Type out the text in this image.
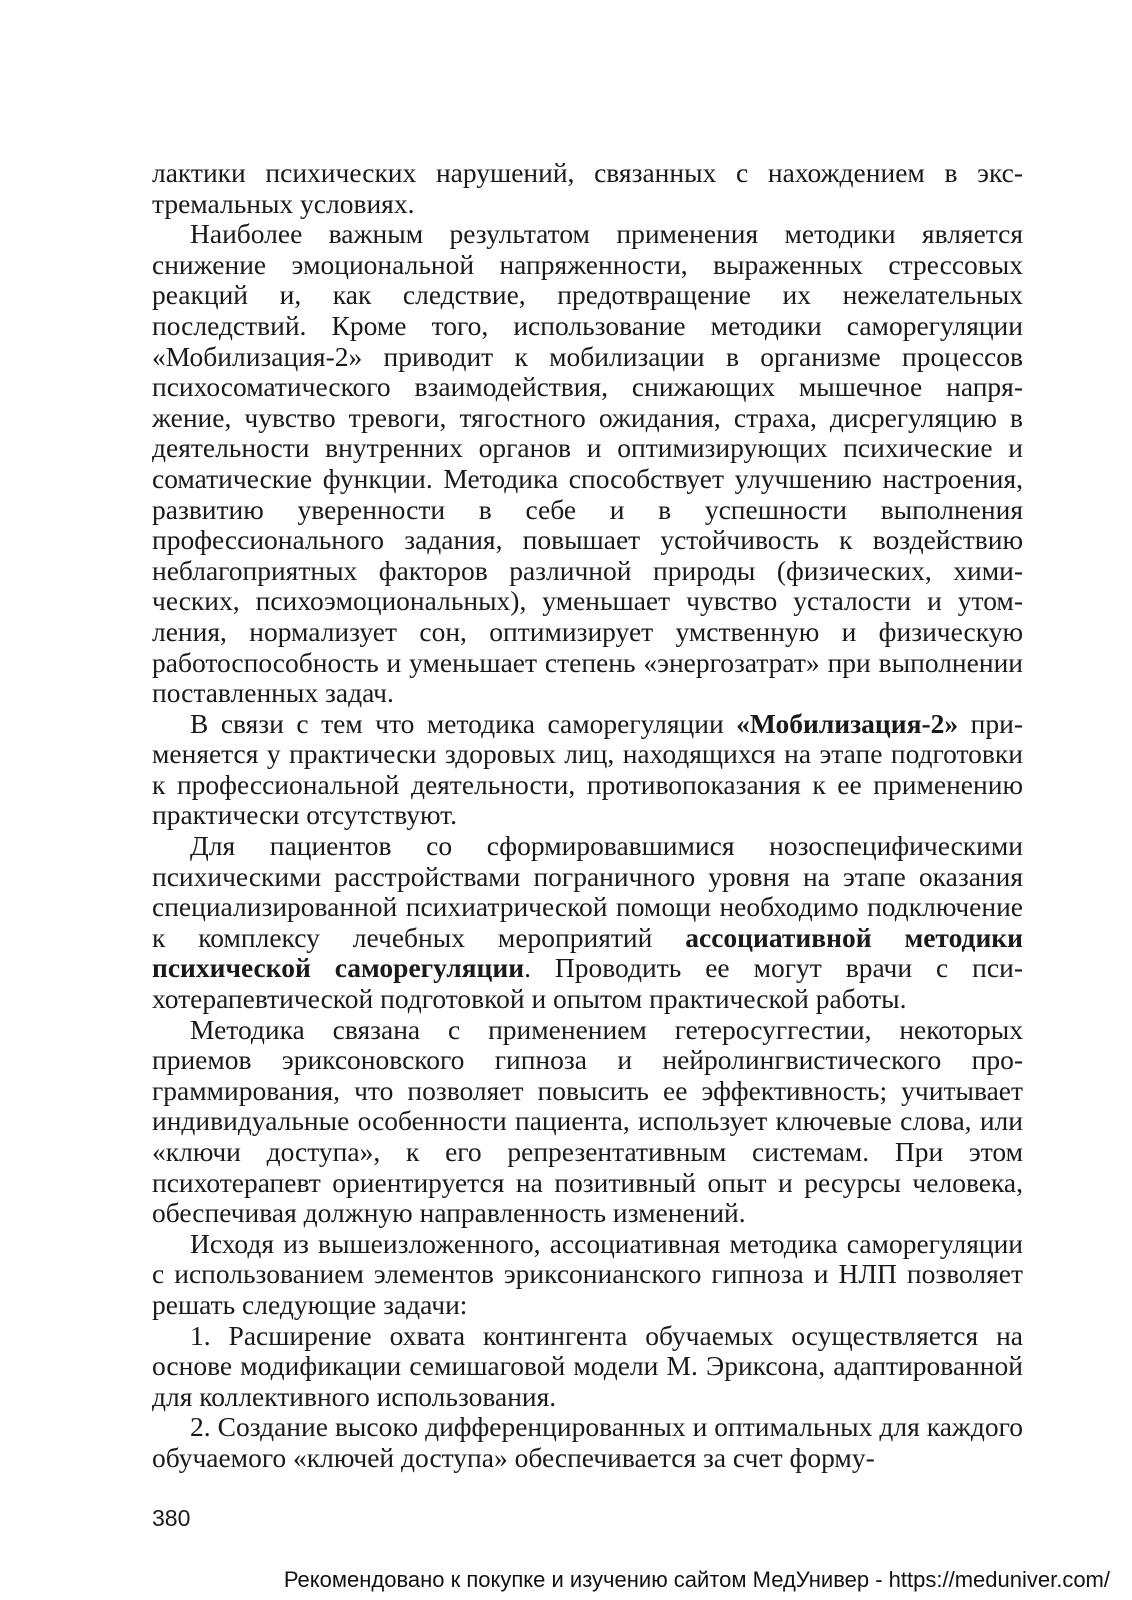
лактики психических нарушений, связанных с нахождением в экстремальных условиях.

Наиболее важным результатом применения методики является снижение эмоциональной напряженности, выраженных стрессовых реакций и, как следствие, предотвращение их нежелательных последствий. Кроме того, использование методики саморегуляции «Мобилизация-2» приводит к мобилизации в организме процессов психосоматического взаимодействия, снижающих мышечное напряжение, чувство тревоги, тягостного ожидания, страха, дисрегуляцию в деятельности внутренних органов и оптимизирующих психические и соматические функции. Методика способствует улучшению настроения, развитию уверенности в себе и в успешности выполнения профессионального задания, повышает устойчивость к воздействию неблагоприятных факторов различной природы (физических, химических, психоэмоциональных), уменьшает чувство усталости и утомления, нормализует сон, оптимизирует умственную и физическую работоспособность и уменьшает степень «энергозатрат» при выполнении поставленных задач.

В связи с тем что методика саморегуляции «Мобилизация-2» применяется у практически здоровых лиц, находящихся на этапе подготовки к профессиональной деятельности, противопоказания к ее применению практически отсутствуют.

Для пациентов со сформировавшимися нозоспецифическими психическими расстройствами пограничного уровня на этапе оказания специализированной психиатрической помощи необходимо подключение к комплексу лечебных мероприятий ассоциативной методики психической саморегуляции. Проводить ее могут врачи с психотерапевтической подготовкой и опытом практической работы.

Методика связана с применением гетеросуггестии, некоторых приемов эриксоновского гипноза и нейролингвистического программирования, что позволяет повысить ее эффективность; учитывает индивидуальные особенности пациента, использует ключевые слова, или «ключи доступа», к его репрезентативным системам. При этом психотерапевт ориентируется на позитивный опыт и ресурсы человека, обеспечивая должную направленность изменений.

Исходя из вышеизложенного, ассоциативная методика саморегуляции с использованием элементов эриксонианского гипноза и НЛП позволяет решать следующие задачи:

1. Расширение охвата контингента обучаемых осуществляется на основе модификации семишаговой модели М. Эриксона, адаптированной для коллективного использования.

2. Создание высоко дифференцированных и оптимальных для каждого обучаемого «ключей доступа» обеспечивается за счет форму-

380
Рекомендовано к покупке и изучению сайтом МедУнивер - https://meduniver.com/
